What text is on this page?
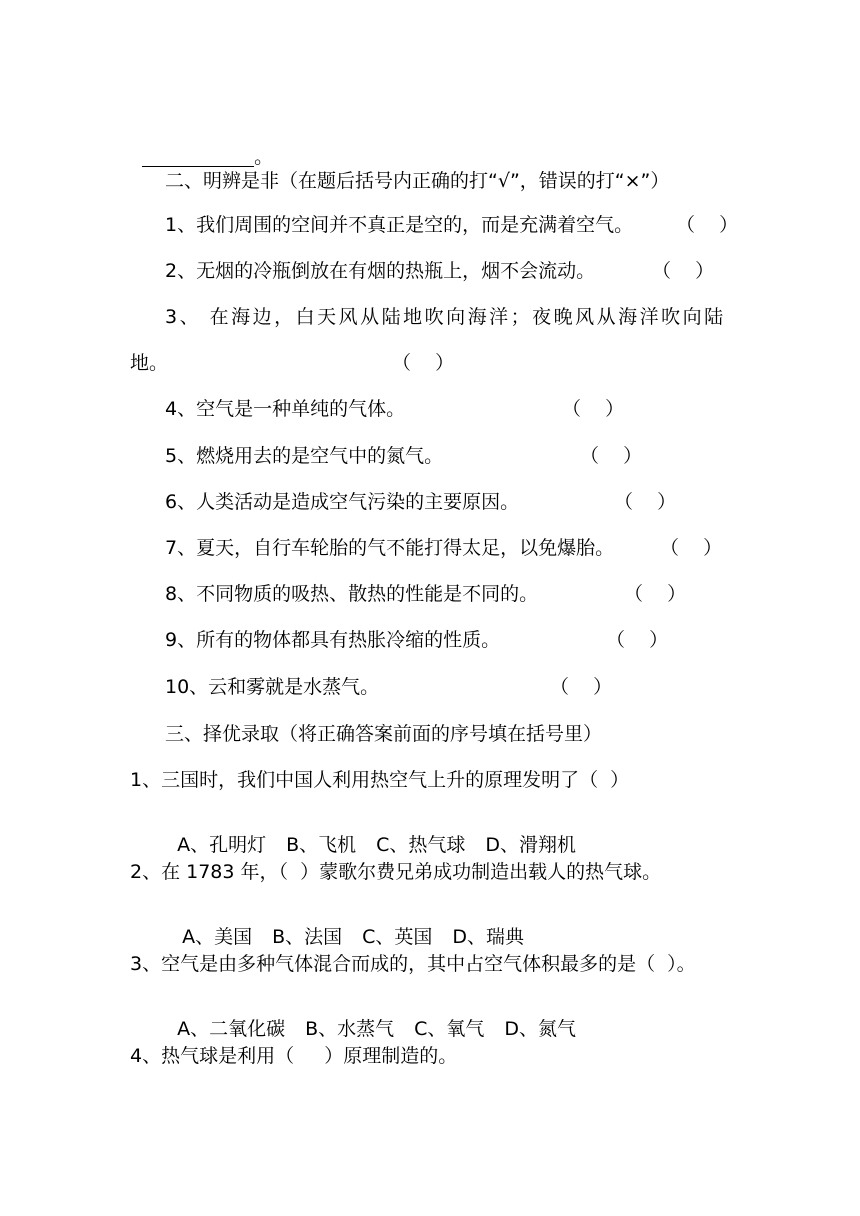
。

二、明辨是非（在题后括号内正确的打“√”，错误的打“×”）
1、我们周围的空间并不真正是空的，而是充满着空气。 （    ）
2、无烟的冷瓶倒放在有烟的热瓶上，烟不会流动。	（    ）
3、 在海边，白天风从陆地吹向海洋；夜晚风从海洋吹向陆
地。	（    ）
4、空气是一种单纯的气体。	（    ）
5、燃烧用去的是空气中的氮气。	（    ）
6、人类活动是造成空气污染的主要原因。	（    ）
7、夏天，自行车轮胎的气不能打得太足，以免爆胎。 （    ）
8、不同物质的吸热、散热的性能是不同的。	（    ）
9、所有的物体都具有热胀冷缩的性质。	（    ）
10、云和雾就是水蒸气。	（    ）
三、择优录取（将正确答案前面的序号填在括号里）
1、三国时，我们中国人利用热空气上升的原理发明了（  ）

A、孔明灯 B、飞机 C、热气球 D、滑翔机

2、在 1783 年，（  ）蒙歌尔费兄弟成功制造出载人的热气球。

A、美国 B、法国 C、英国 D、瑞典

3、空气是由多种气体混合而成的，其中占空气体积最多的是（  ）。

A、二氧化碳 B、水蒸气 C、氧气 D、氮气

4、热气球是利用（     ）原理制造的。
